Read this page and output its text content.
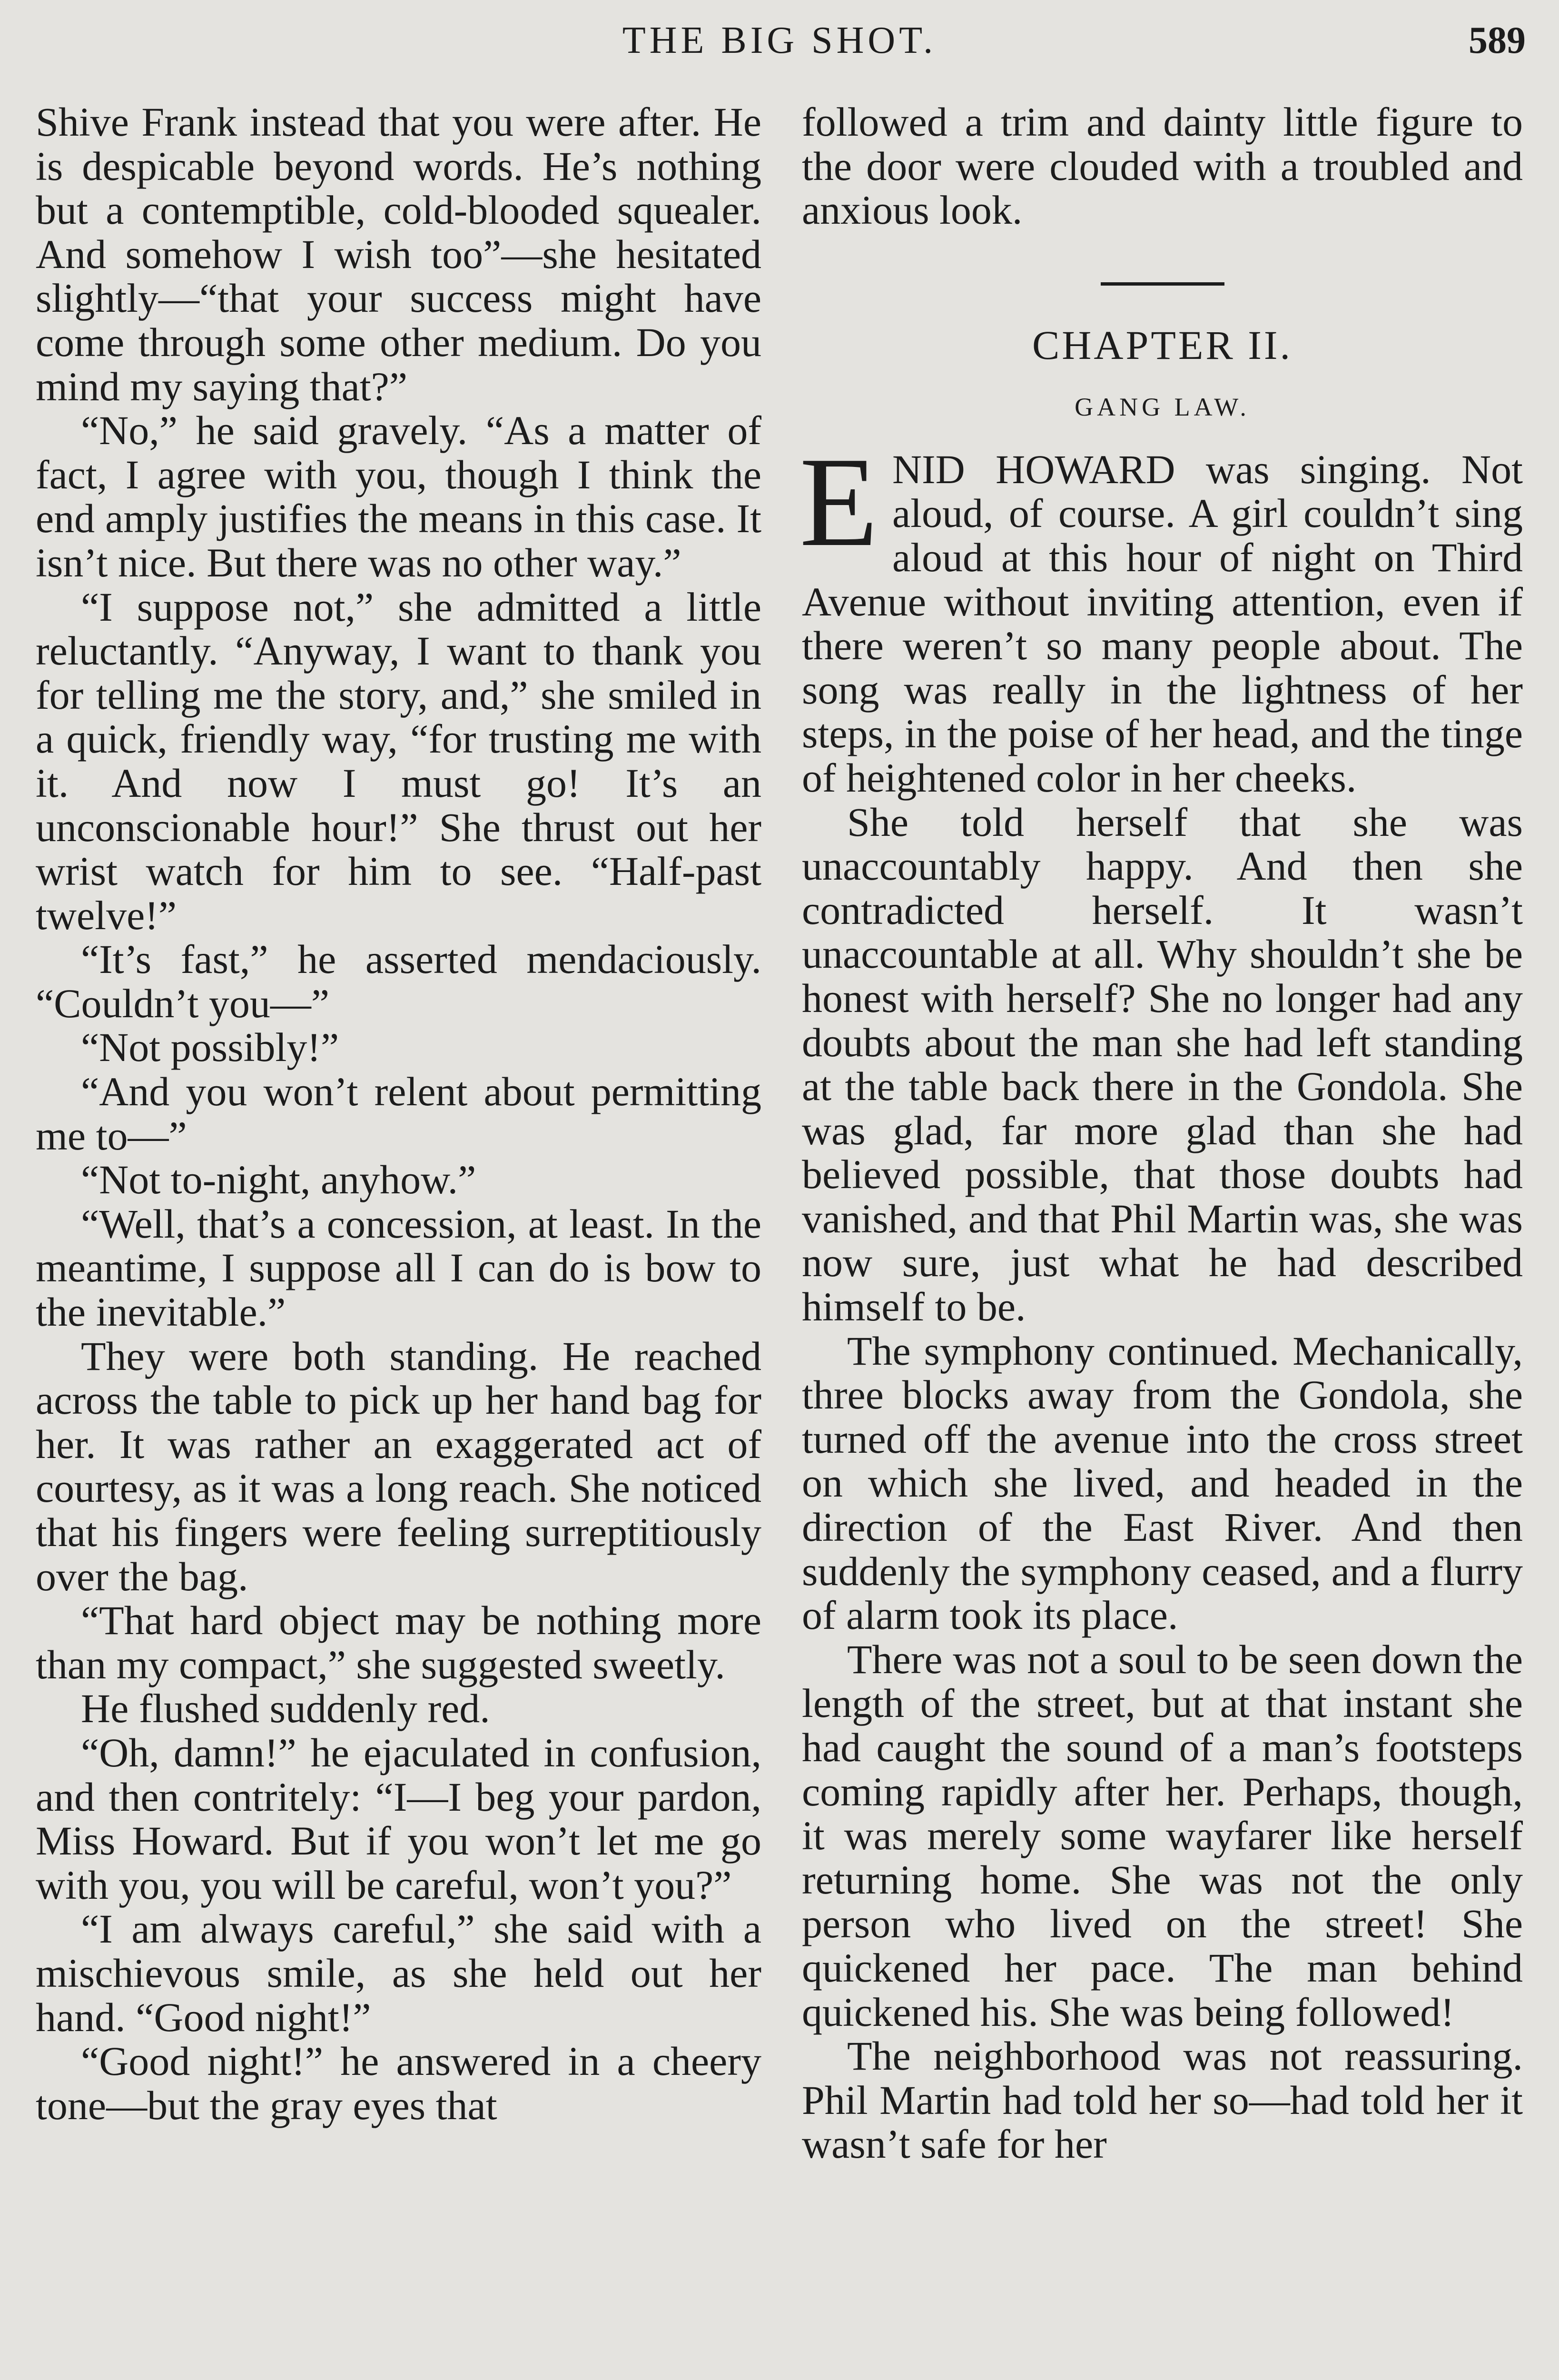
THE BIG SHOT.	589

Shive Frank instead that you were after. He is despicable beyond words. He’s nothing but a contemptible, cold-blooded squealer. And somehow I wish too”—she hesitated slightly—“that your success might have come through some other medium. Do you mind my saying that?”

“No,” he said gravely. “As a matter of fact, I agree with you, though I think the end amply justifies the means in this case. It isn’t nice. But there was no other way.”

“I suppose not,” she admitted a little reluctantly. “Anyway, I want to thank you for telling me the story, and,” she smiled in a quick, friendly way, “for trusting me with it. And now I must go! It’s an unconscionable hour!” She thrust out her wrist watch for him to see. “Half-past twelve!”

“It’s fast,” he asserted mendaciously. “Couldn’t you—”

“Not possibly!”

“And you won’t relent about permitting me to—”

“Not to-night, anyhow.”

“Well, that’s a concession, at least. In the meantime, I suppose all I can do is bow to the inevitable.”

They were both standing. He reached across the table to pick up her hand bag for her. It was rather an exaggerated act of courtesy, as it was a long reach. She noticed that his fingers were feeling surreptitiously over the bag.

“That hard object may be nothing more than my compact,” she suggested sweetly.

He flushed suddenly red.

“Oh, damn!” he ejaculated in confusion, and then contritely: “I—I beg your pardon, Miss Howard. But if you won’t let me go with you, you will be careful, won’t you?”

“I am always careful,” she said with a mischievous smile, as she held out her hand. “Good night!”

“Good night!” he answered in a cheery tone—but the gray eyes that

followed a trim and dainty little figure to the door were clouded with a troubled and anxious look.

CHAPTER II.
GANG LAW.

ENID HOWARD was singing. Not aloud, of course. A girl couldn’t sing aloud at this hour of night on Third Avenue without inviting attention, even if there weren’t so many people about. The song was really in the lightness of her steps, in the poise of her head, and the tinge of heightened color in her cheeks.

She told herself that she was unaccountably happy. And then she contradicted herself. It wasn’t unaccountable at all. Why shouldn’t she be honest with herself? She no longer had any doubts about the man she had left standing at the table back there in the Gondola. She was glad, far more glad than she had believed possible, that those doubts had vanished, and that Phil Martin was, she was now sure, just what he had described himself to be.

The symphony continued. Mechanically, three blocks away from the Gondola, she turned off the avenue into the cross street on which she lived, and headed in the direction of the East River. And then suddenly the symphony ceased, and a flurry of alarm took its place.

There was not a soul to be seen down the length of the street, but at that instant she had caught the sound of a man’s footsteps coming rapidly after her. Perhaps, though, it was merely some wayfarer like herself returning home. She was not the only person who lived on the street! She quickened her pace. The man behind quickened his. She was being followed!

The neighborhood was not reassuring. Phil Martin had told her so—had told her it wasn’t safe for her
